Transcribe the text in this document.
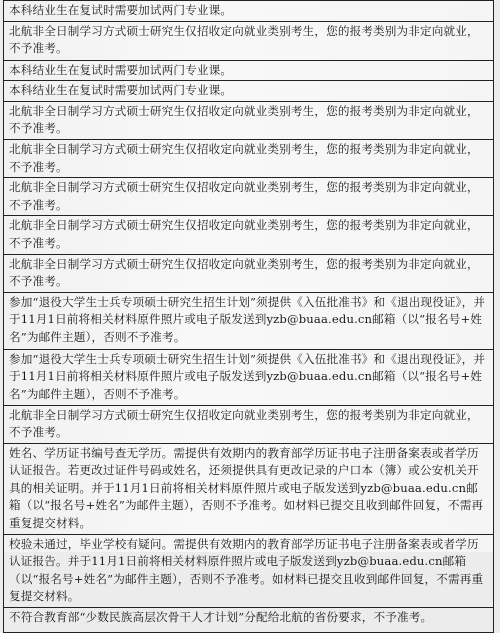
本科结业生在复试时需要加试两门专业课。
北航非全日制学习方式硕士研究生仅招收定向就业类别考生，您的报考类别为非定向就业，不予准考。
本科结业生在复试时需要加试两门专业课。
本科结业生在复试时需要加试两门专业课。
北航非全日制学习方式硕士研究生仅招收定向就业类别考生，您的报考类别为非定向就业，不予准考。
北航非全日制学习方式硕士研究生仅招收定向就业类别考生，您的报考类别为非定向就业，不予准考。
北航非全日制学习方式硕士研究生仅招收定向就业类别考生，您的报考类别为非定向就业，不予准考。
北航非全日制学习方式硕士研究生仅招收定向就业类别考生，您的报考类别为非定向就业，不予准考。
北航非全日制学习方式硕士研究生仅招收定向就业类别考生，您的报考类别为非定向就业，不予准考。
参加“退役大学生士兵专项硕士研究生招生计划”须提供《入伍批准书》和《退出现役证》，并于11月1日前将相关材料原件照片或电子版发送到yzb@buaa.edu.cn邮箱（以“报名号+姓名”为邮件主题），否则不予准考。
参加“退役大学生士兵专项硕士研究生招生计划”须提供《入伍批准书》和《退出现役证》，并于11月1日前将相关材料原件照片或电子版发送到yzb@buaa.edu.cn邮箱（以“报名号+姓名”为邮件主题），否则不予准考。
北航非全日制学习方式硕士研究生仅招收定向就业类别考生，您的报考类别为非定向就业，不予准考。
姓名、学历证书编号查无学历。需提供有效期内的教育部学历证书电子注册备案表或者学历认证报告。若更改过证件号码或姓名，还须提供具有更改记录的户口本（簿）或公安机关开具的相关证明。并于11月1日前将相关材料原件照片或电子版发送到yzb@buaa.edu.cn邮箱（以“报名号+姓名”为邮件主题），否则不予准考。如材料已提交且收到邮件回复，不需再重复提交材料。
校验未通过，毕业学校有疑问。需提供有效期内的教育部学历证书电子注册备案表或者学历认证报告。并于11月1日前将相关材料原件照片或电子版发送到yzb@buaa.edu.cn邮箱（以“报名号+姓名”为邮件主题），否则不予准考。如材料已提交且收到邮件回复，不需再重复提交材料。
不符合教育部“少数民族高层次骨干人才计划”分配给北航的省份要求，不予准考。
